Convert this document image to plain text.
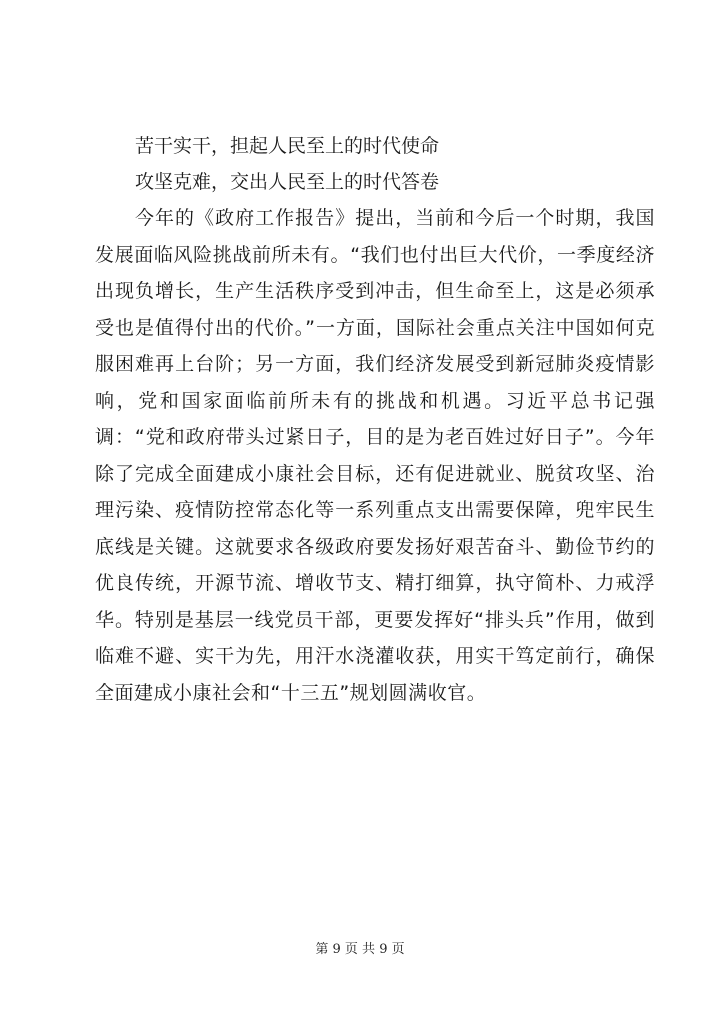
苦干实干，担起人民至上的时代使命

攻坚克难，交出人民至上的时代答卷

今年的《政府工作报告》提出，当前和今后一个时期，我国发展面临风险挑战前所未有。“我们也付出巨大代价，一季度经济出现负增长，生产生活秩序受到冲击，但生命至上，这是必须承受也是值得付出的代价。”一方面，国际社会重点关注中国如何克服困难再上台阶；另一方面，我们经济发展受到新冠肺炎疫情影响，党和国家面临前所未有的挑战和机遇。习近平总书记强调：“党和政府带头过紧日子，目的是为老百姓过好日子”。今年除了完成全面建成小康社会目标，还有促进就业、脱贫攻坚、治理污染、疫情防控常态化等一系列重点支出需要保障，兜牢民生底线是关键。这就要求各级政府要发扬好艰苦奋斗、勤俭节约的优良传统，开源节流、增收节支、精打细算，执守简朴、力戒浮华。特别是基层一线党员干部，更要发挥好“排头兵”作用，做到临难不避、实干为先，用汗水浇灌收获，用实干笃定前行，确保全面建成小康社会和“十三五”规划圆满收官。

第 9 页 共 9 页
